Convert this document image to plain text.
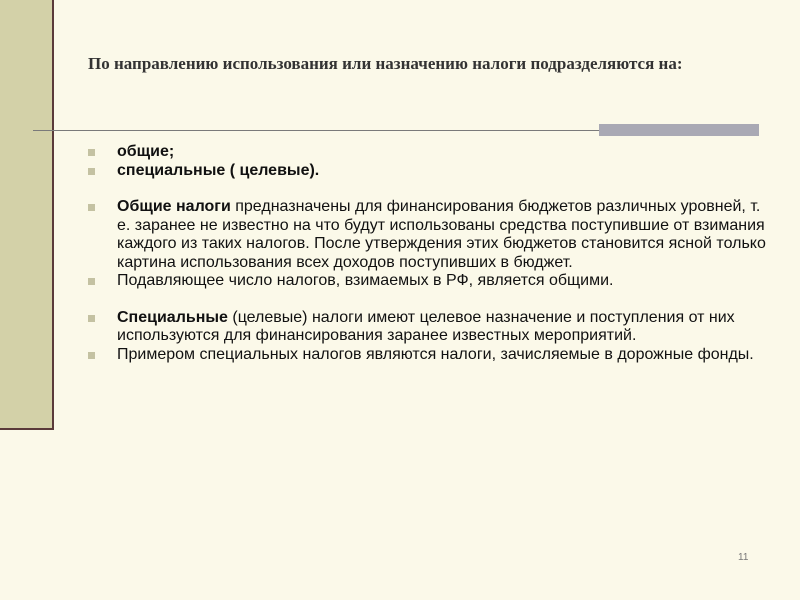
По направлению использования или назначению налоги подразделяются на:

общие;

специальные ( целевые).

Общие налоги предназначены для финансирования бюджетов различных уровней, т. е. заранее не известно на что будут использованы средства поступившие от взимания каждого из таких налогов. После утверждения этих бюджетов становится ясной только картина использования всех доходов поступивших в бюджет.

Подавляющее число налогов, взимаемых в РФ, является общими.

Специальные (целевые) налоги имеют целевое назначение и поступления от них используются для финансирования заранее известных мероприятий.

Примером специальных налогов являются налоги, зачисляемые в дорожные фонды.

11
